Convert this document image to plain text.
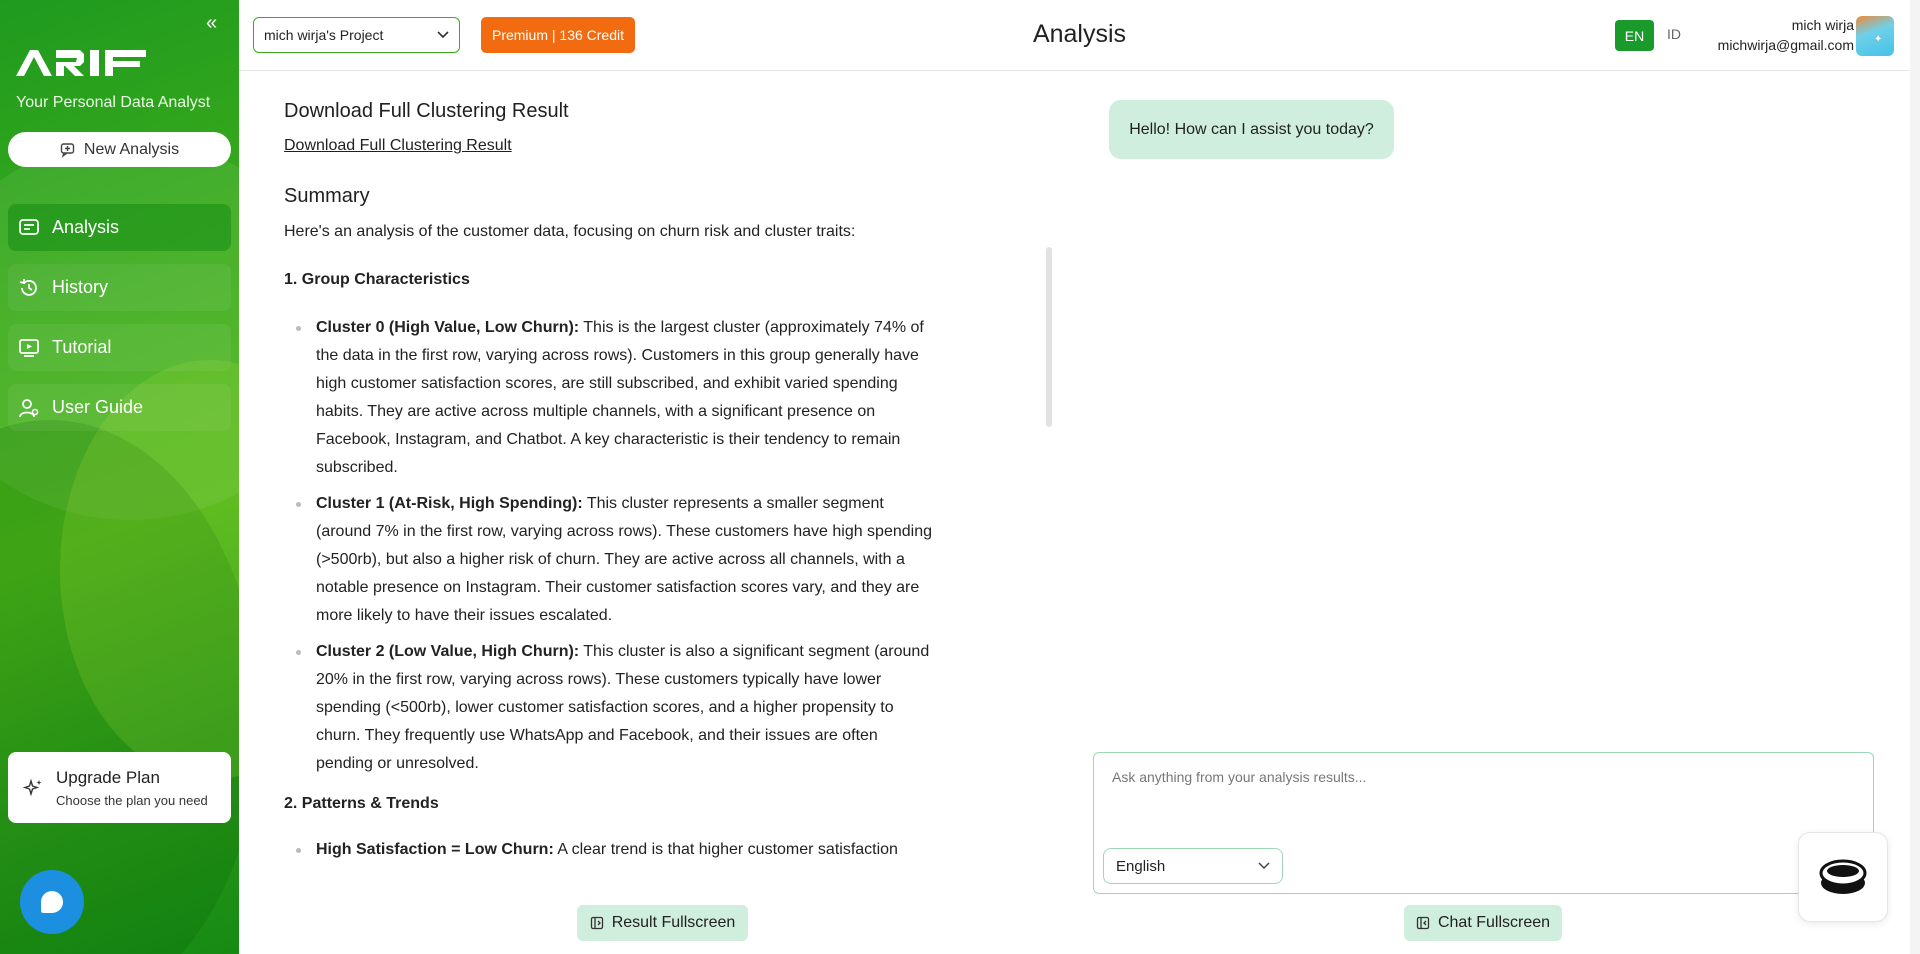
«
Your Personal Data Analyst
New Analysis
Analysis
History
Tutorial
User Guide
Upgrade Plan
Choose the plan you need
mich wirja's Project	Premium | 136 Credit	Analysis	EN	ID
mich wirja
michwirja@gmail.com ✦
Download Full Clustering Result
Download Full Clustering Result
Summary
Here's an analysis of the customer data, focusing on churn risk and cluster traits:
1. Group Characteristics
Cluster 0 (High Value, Low Churn): This is the largest cluster (approximately 74% of the data in the first row, varying across rows). Customers in this group generally have high customer satisfaction scores, are still subscribed, and exhibit varied spending habits. They are active across multiple channels, with a significant presence on Facebook, Instagram, and Chatbot. A key characteristic is their tendency to remain subscribed.
Cluster 1 (At-Risk, High Spending): This cluster represents a smaller segment (around 7% in the first row, varying across rows). These customers have high spending (>500rb), but also a higher risk of churn. They are active across all channels, with a notable presence on Instagram. Their customer satisfaction scores vary, and they are more likely to have their issues escalated.
Cluster 2 (Low Value, High Churn): This cluster is also a significant segment (around 20% in the first row, varying across rows). These customers typically have lower spending (<500rb), lower customer satisfaction scores, and a higher propensity to churn. They frequently use WhatsApp and Facebook, and their issues are often pending or unresolved.
2. Patterns & Trends
High Satisfaction = Low Churn: A clear trend is that higher customer satisfaction
Result Fullscreen
Hello! How can I assist you today?
Ask anything from your analysis results...
English
Chat Fullscreen
